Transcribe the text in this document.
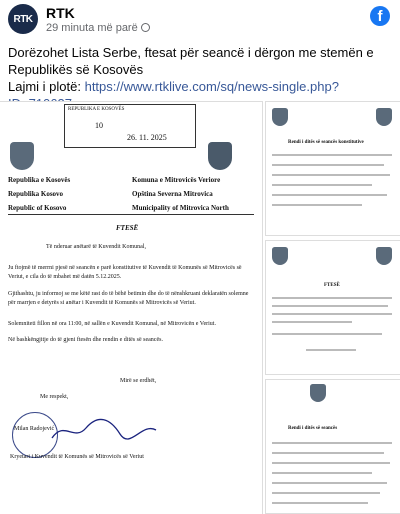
RTK RTK
29 minuta më parë
f
Dorëzohet Lista Serbe, ftesat për seancë i dërgon me stemën e Republikës së Kosovës
Lajmi i plotë: https://www.rtklive.com/sq/news-single.php?
REPUBLIKA E KOSOVËS
10
26. 11. 2025
Republika e Kosovës
Republika Kosovo
Republic of Kosovo
Komuna e Mitrovicës Veriore
Opština Severna Mitrovica
Municipality of Mitrovica North
FTESË
Të nderuar anëtarë të Kuvendit Komunal,
Ju ftojmë të merrni pjesë në seancën e parë konstitutive të Kuvendit të Komunës së Mitrovicës së Veriut, e cila do të mbahet më datën 5.12.2025.
Gjithashtu, ju informoj se me këtë rast do të bëhë betimin dhe do të nënshkruani deklaratën solemne për marrjen e detyrës si anëtar i Kuvendit të Komunës së Mitrovicës së Veriut.
Solemniteti fillon në ora 11:00, në sallën e Kuvendit Komunal, në Mitrovicën e Veriut.
Në bashkëngjitje do të gjeni ftesën dhe rendin e ditës së seancës.
Mirë se erdhët,
Me respekt,
Milan Radojević
Kryetari i Kuvendit të Komunës së Mitrovicës së Veriut
Rendi i ditës së seancës konstitutive
FTESË
Rendi i ditës së seancës
